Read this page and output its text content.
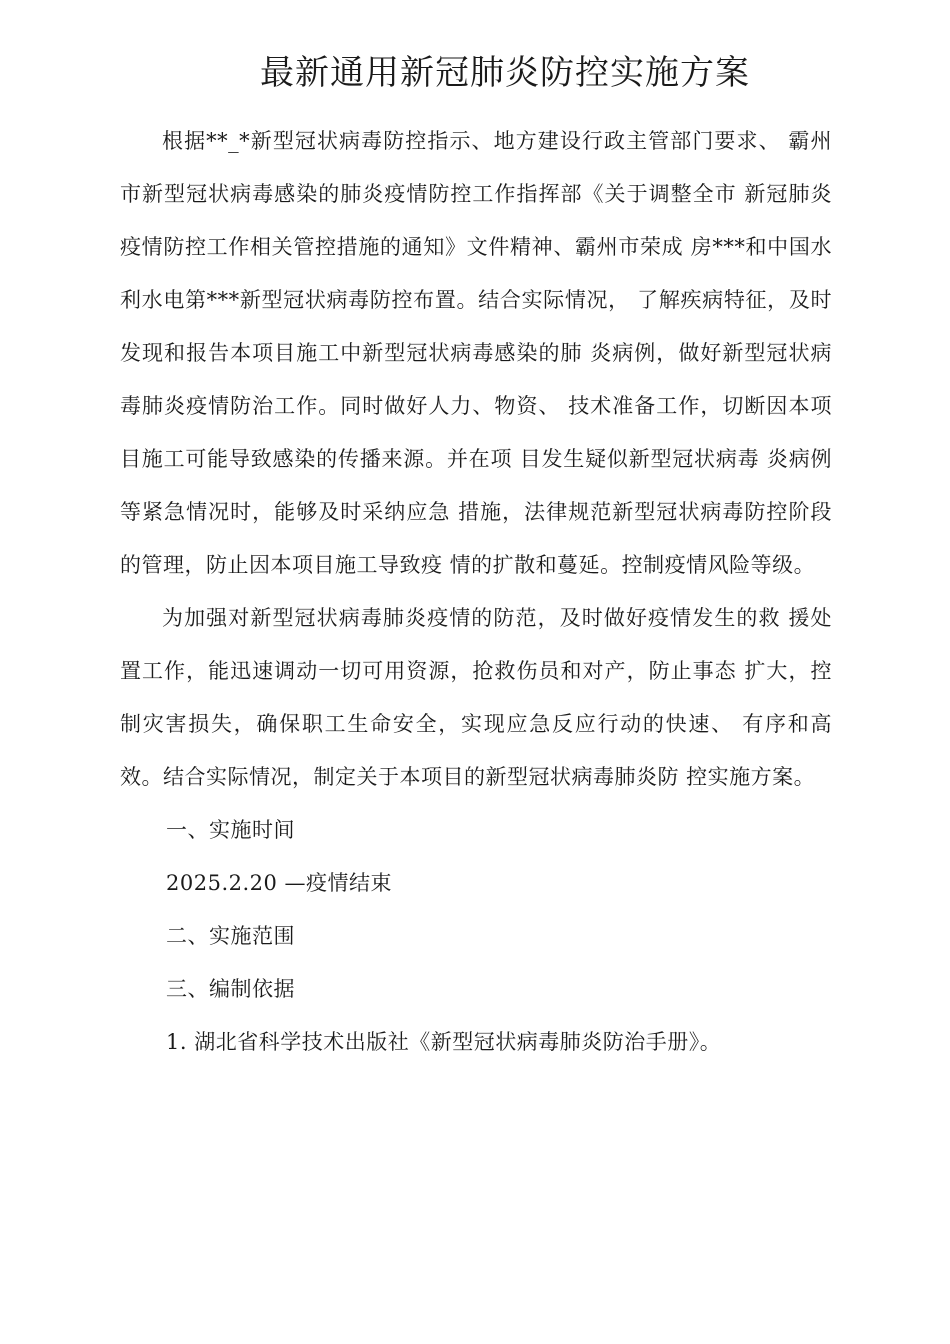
最新通用新冠肺炎防控实施方案

根据**_*新型冠状病毒防控指示、地方建设行政主管部门要求、 霸州市新型冠状病毒感染的肺炎疫情防控工作指挥部《关于调整全市 新冠肺炎疫情防控工作相关管控措施的通知》文件精神、霸州市荣成 房***和中国水利水电第***新型冠状病毒防控布置。结合实际情况， 了解疾病特征，及时发现和报告本项目施工中新型冠状病毒感染的肺 炎病例，做好新型冠状病毒肺炎疫情防治工作。同时做好人力、物资、 技术准备工作，切断因本项目施工可能导致感染的传播来源。并在项 目发生疑似新型冠状病毒 炎病例等紧急情况时，能够及时采纳应急 措施，法律规范新型冠状病毒防控阶段的管理，防止因本项目施工导致疫 情的扩散和蔓延。控制疫情风险等级。

为加强对新型冠状病毒肺炎疫情的防范，及时做好疫情发生的救 援处置工作，能迅速调动一切可用资源，抢救伤员和对产，防止事态 扩大，控制灾害损失，确保职工生命安全，实现应急反应行动的快速、 有序和高效。结合实际情况，制定关于本项目的新型冠状病毒肺炎防 控实施方案。

一、实施时间

2025.2.20 —疫情结束

二、实施范围

三、编制依据

1. 湖北省科学技术出版社《新型冠状病毒肺炎防治手册》。
